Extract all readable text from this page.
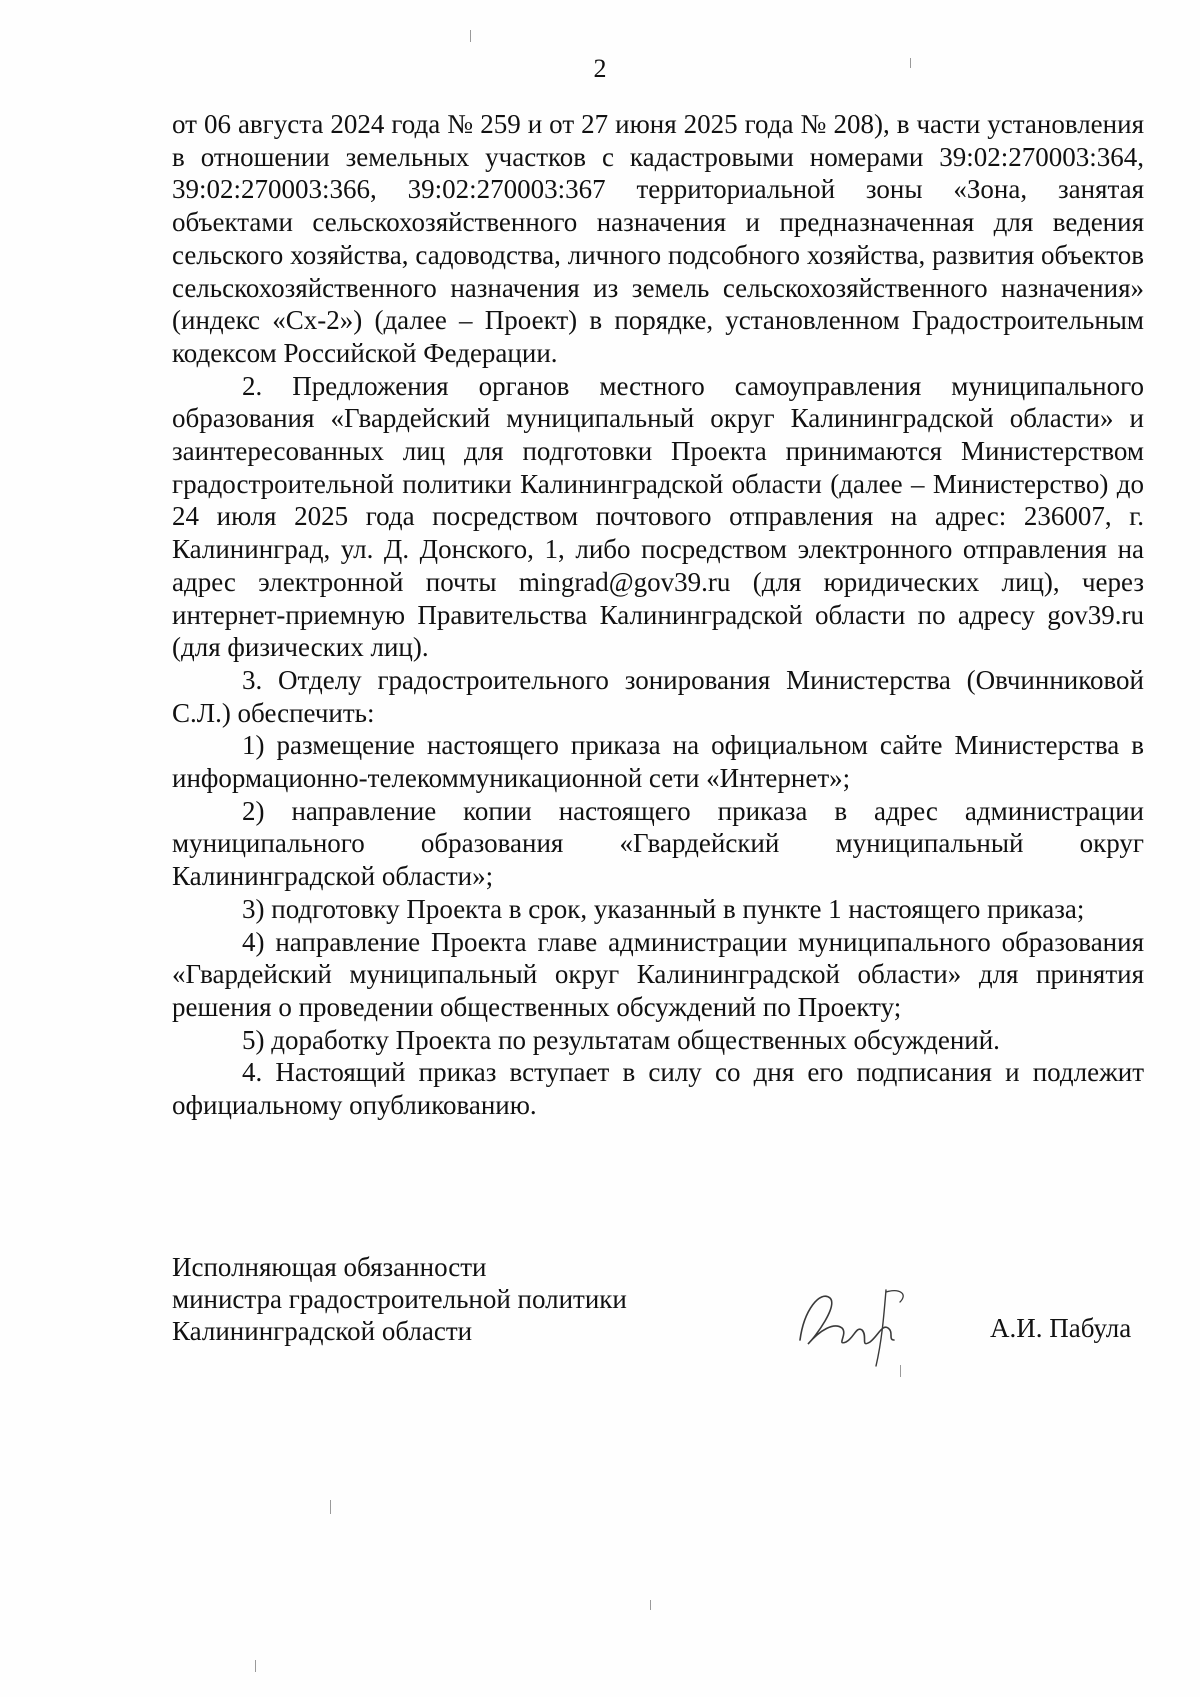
2

от 06 августа 2024 года № 259 и от 27 июня 2025 года № 208), в части установления в отношении земельных участков с кадастровыми номерами 39:02:270003:364, 39:02:270003:366, 39:02:270003:367 территориальной зоны «Зона, занятая объектами сельскохозяйственного назначения и предназначенная для ведения сельского хозяйства, садоводства, личного подсобного хозяйства, развития объектов сельскохозяйственного назначения из земель сельскохозяйственного назначения» (индекс «Сх-2») (далее – Проект) в порядке, установленном Градостроительным кодексом Российской Федерации.

2. Предложения органов местного самоуправления муниципального образования «Гвардейский муниципальный округ Калининградской области» и заинтересованных лиц для подготовки Проекта принимаются Министерством градостроительной политики Калининградской области (далее – Министерство) до 24 июля 2025 года посредством почтового отправления на адрес: 236007, г. Калининград, ул. Д. Донского, 1, либо посредством электронного отправления на адрес электронной почты mingrad@gov39.ru (для юридических лиц), через интернет-приемную Правительства Калининградской области по адресу gov39.ru (для физических лиц).

3. Отделу градостроительного зонирования Министерства (Овчинниковой С.Л.) обеспечить:

1) размещение настоящего приказа на официальном сайте Министерства в информационно-телекоммуникационной сети «Интернет»;

2) направление копии настоящего приказа в адрес администрации муниципального образования «Гвардейский муниципальный округ Калининградской области»;

3) подготовку Проекта в срок, указанный в пункте 1 настоящего приказа;

4) направление Проекта главе администрации муниципального образования «Гвардейский муниципальный округ Калининградской области» для принятия решения о проведении общественных обсуждений по Проекту;

5) доработку Проекта по результатам общественных обсуждений.

4. Настоящий приказ вступает в силу со дня его подписания и подлежит официальному опубликованию.

Исполняющая обязанности
министра градостроительной политики
Калининградской области	А.И. Пабула
